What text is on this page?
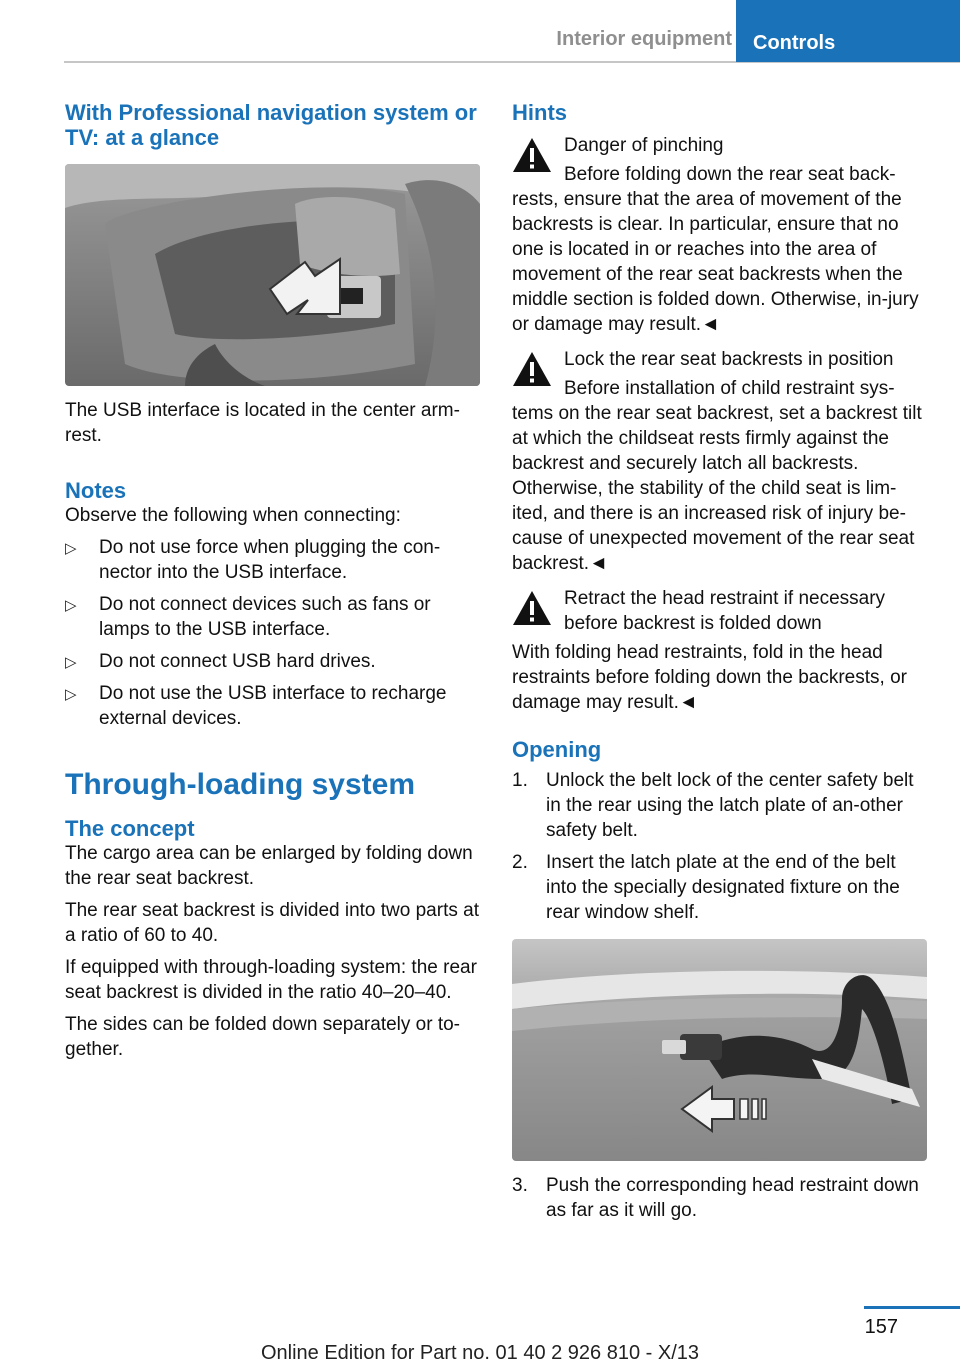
Interior equipment	Controls
With Professional navigation system or TV: at a glance

The USB interface is located in the center arm‐rest.

Notes

Observe the following when connecting:

▷ Do not use force when plugging the con‐nector into the USB interface.
▷ Do not connect devices such as fans or lamps to the USB interface.
▷ Do not connect USB hard drives.
▷ Do not use the USB interface to recharge external devices.
Through-loading system
The concept

The cargo area can be enlarged by folding down the rear seat backrest.

The rear seat backrest is divided into two parts at a ratio of 60 to 40.

If equipped with through-loading system: the rear seat backrest is divided in the ratio 40–20–40.

The sides can be folded down separately or to‐gether.

Hints

Danger of pinching

Before folding down the rear seat back‐rests, ensure that the area of movement of the backrests is clear. In particular, ensure that no one is located in or reaches into the area of movement of the rear seat backrests when the middle section is folded down. Otherwise, in‐jury or damage may result.◄

Lock the rear seat backrests in position

Before installation of child restraint sys‐tems on the rear seat backrest, set a backrest tilt at which the childseat rests firmly against the backrest and securely latch all backrests. Otherwise, the stability of the child seat is lim‐ited, and there is an increased risk of injury be‐cause of unexpected movement of the rear seat backrest.◄

Retract the head restraint if necessary before backrest is folded down

With folding head restraints, fold in the head restraints before folding down the backrests, or damage may result.◄

Opening
1. Unlock the belt lock of the center safety belt in the rear using the latch plate of an‐other safety belt.
2. Insert the latch plate at the end of the belt into the specially designated fixture on the rear window shelf.
3. Push the corresponding head restraint down as far as it will go.
157
Online Edition for Part no. 01 40 2 926 810 - X/13
